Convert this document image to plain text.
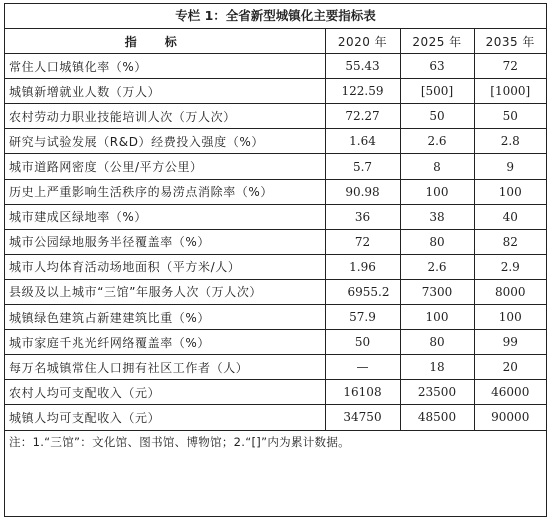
专栏 1：全省新型城镇化主要指标表
指标	2020 年	2025 年	2035 年
常住人口城镇化率（%）	55.43	63	72
城镇新增就业人数（万人）	122.59	[500]	[1000]
农村劳动力职业技能培训人次（万人次）	72.27	50	50
研究与试验发展（R&D）经费投入强度（%）	1.64	2.6	2.8
城市道路网密度（公里/平方公里）	5.7	8	9
历史上严重影响生活秩序的易涝点消除率（%）	90.98	100	100
城市建成区绿地率（%）	36	38	40
城市公园绿地服务半径覆盖率（%）	72	80	82
城市人均体育活动场地面积（平方米/人）	1.96	2.6	2.9
县级及以上城市“三馆”年服务人次（万人次）	6955.2	7300	8000
城镇绿色建筑占新建建筑比重（%）	57.9	100	100
城市家庭千兆光纤网络覆盖率（%）	50	80	99
每万名城镇常住人口拥有社区工作者（人）	—	18	20
农村人均可支配收入（元）	16108	23500	46000
城镇人均可支配收入（元）	34750	48500	90000
注：1.“三馆”：文化馆、图书馆、博物馆；2.“[]”内为累计数据。
